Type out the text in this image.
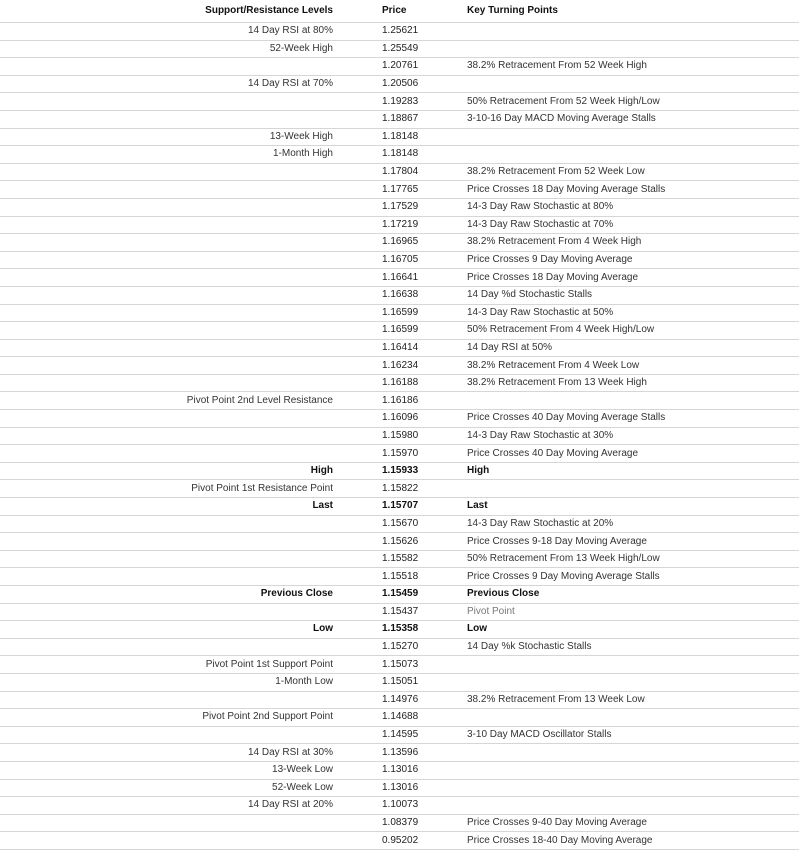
Support/Resistance Levels	Price	Key Turning Points
14 Day RSI at 80%	1.25621	
52-Week High	1.25549	
	1.20761	38.2% Retracement From 52 Week High
14 Day RSI at 70%	1.20506	
	1.19283	50% Retracement From 52 Week High/Low
	1.18867	3-10-16 Day MACD Moving Average Stalls
13-Week High	1.18148	
1-Month High	1.18148	
	1.17804	38.2% Retracement From 52 Week Low
	1.17765	Price Crosses 18 Day Moving Average Stalls
	1.17529	14-3 Day Raw Stochastic at 80%
	1.17219	14-3 Day Raw Stochastic at 70%
	1.16965	38.2% Retracement From 4 Week High
	1.16705	Price Crosses 9 Day Moving Average
	1.16641	Price Crosses 18 Day Moving Average
	1.16638	14 Day %d Stochastic Stalls
	1.16599	14-3 Day Raw Stochastic at 50%
	1.16599	50% Retracement From 4 Week High/Low
	1.16414	14 Day RSI at 50%
	1.16234	38.2% Retracement From 4 Week Low
	1.16188	38.2% Retracement From 13 Week High
Pivot Point 2nd Level Resistance	1.16186	
	1.16096	Price Crosses 40 Day Moving Average Stalls
	1.15980	14-3 Day Raw Stochastic at 30%
	1.15970	Price Crosses 40 Day Moving Average
High	1.15933	High
Pivot Point 1st Resistance Point	1.15822	
Last	1.15707	Last
	1.15670	14-3 Day Raw Stochastic at 20%
	1.15626	Price Crosses 9-18 Day Moving Average
	1.15582	50% Retracement From 13 Week High/Low
	1.15518	Price Crosses 9 Day Moving Average Stalls
Previous Close	1.15459	Previous Close
	1.15437	Pivot Point
Low	1.15358	Low
	1.15270	14 Day %k Stochastic Stalls
Pivot Point 1st Support Point	1.15073	
1-Month Low	1.15051	
	1.14976	38.2% Retracement From 13 Week Low
Pivot Point 2nd Support Point	1.14688	
	1.14595	3-10 Day MACD Oscillator Stalls
14 Day RSI at 30%	1.13596	
13-Week Low	1.13016	
52-Week Low	1.13016	
14 Day RSI at 20%	1.10073	
	1.08379	Price Crosses 9-40 Day Moving Average
	0.95202	Price Crosses 18-40 Day Moving Average
